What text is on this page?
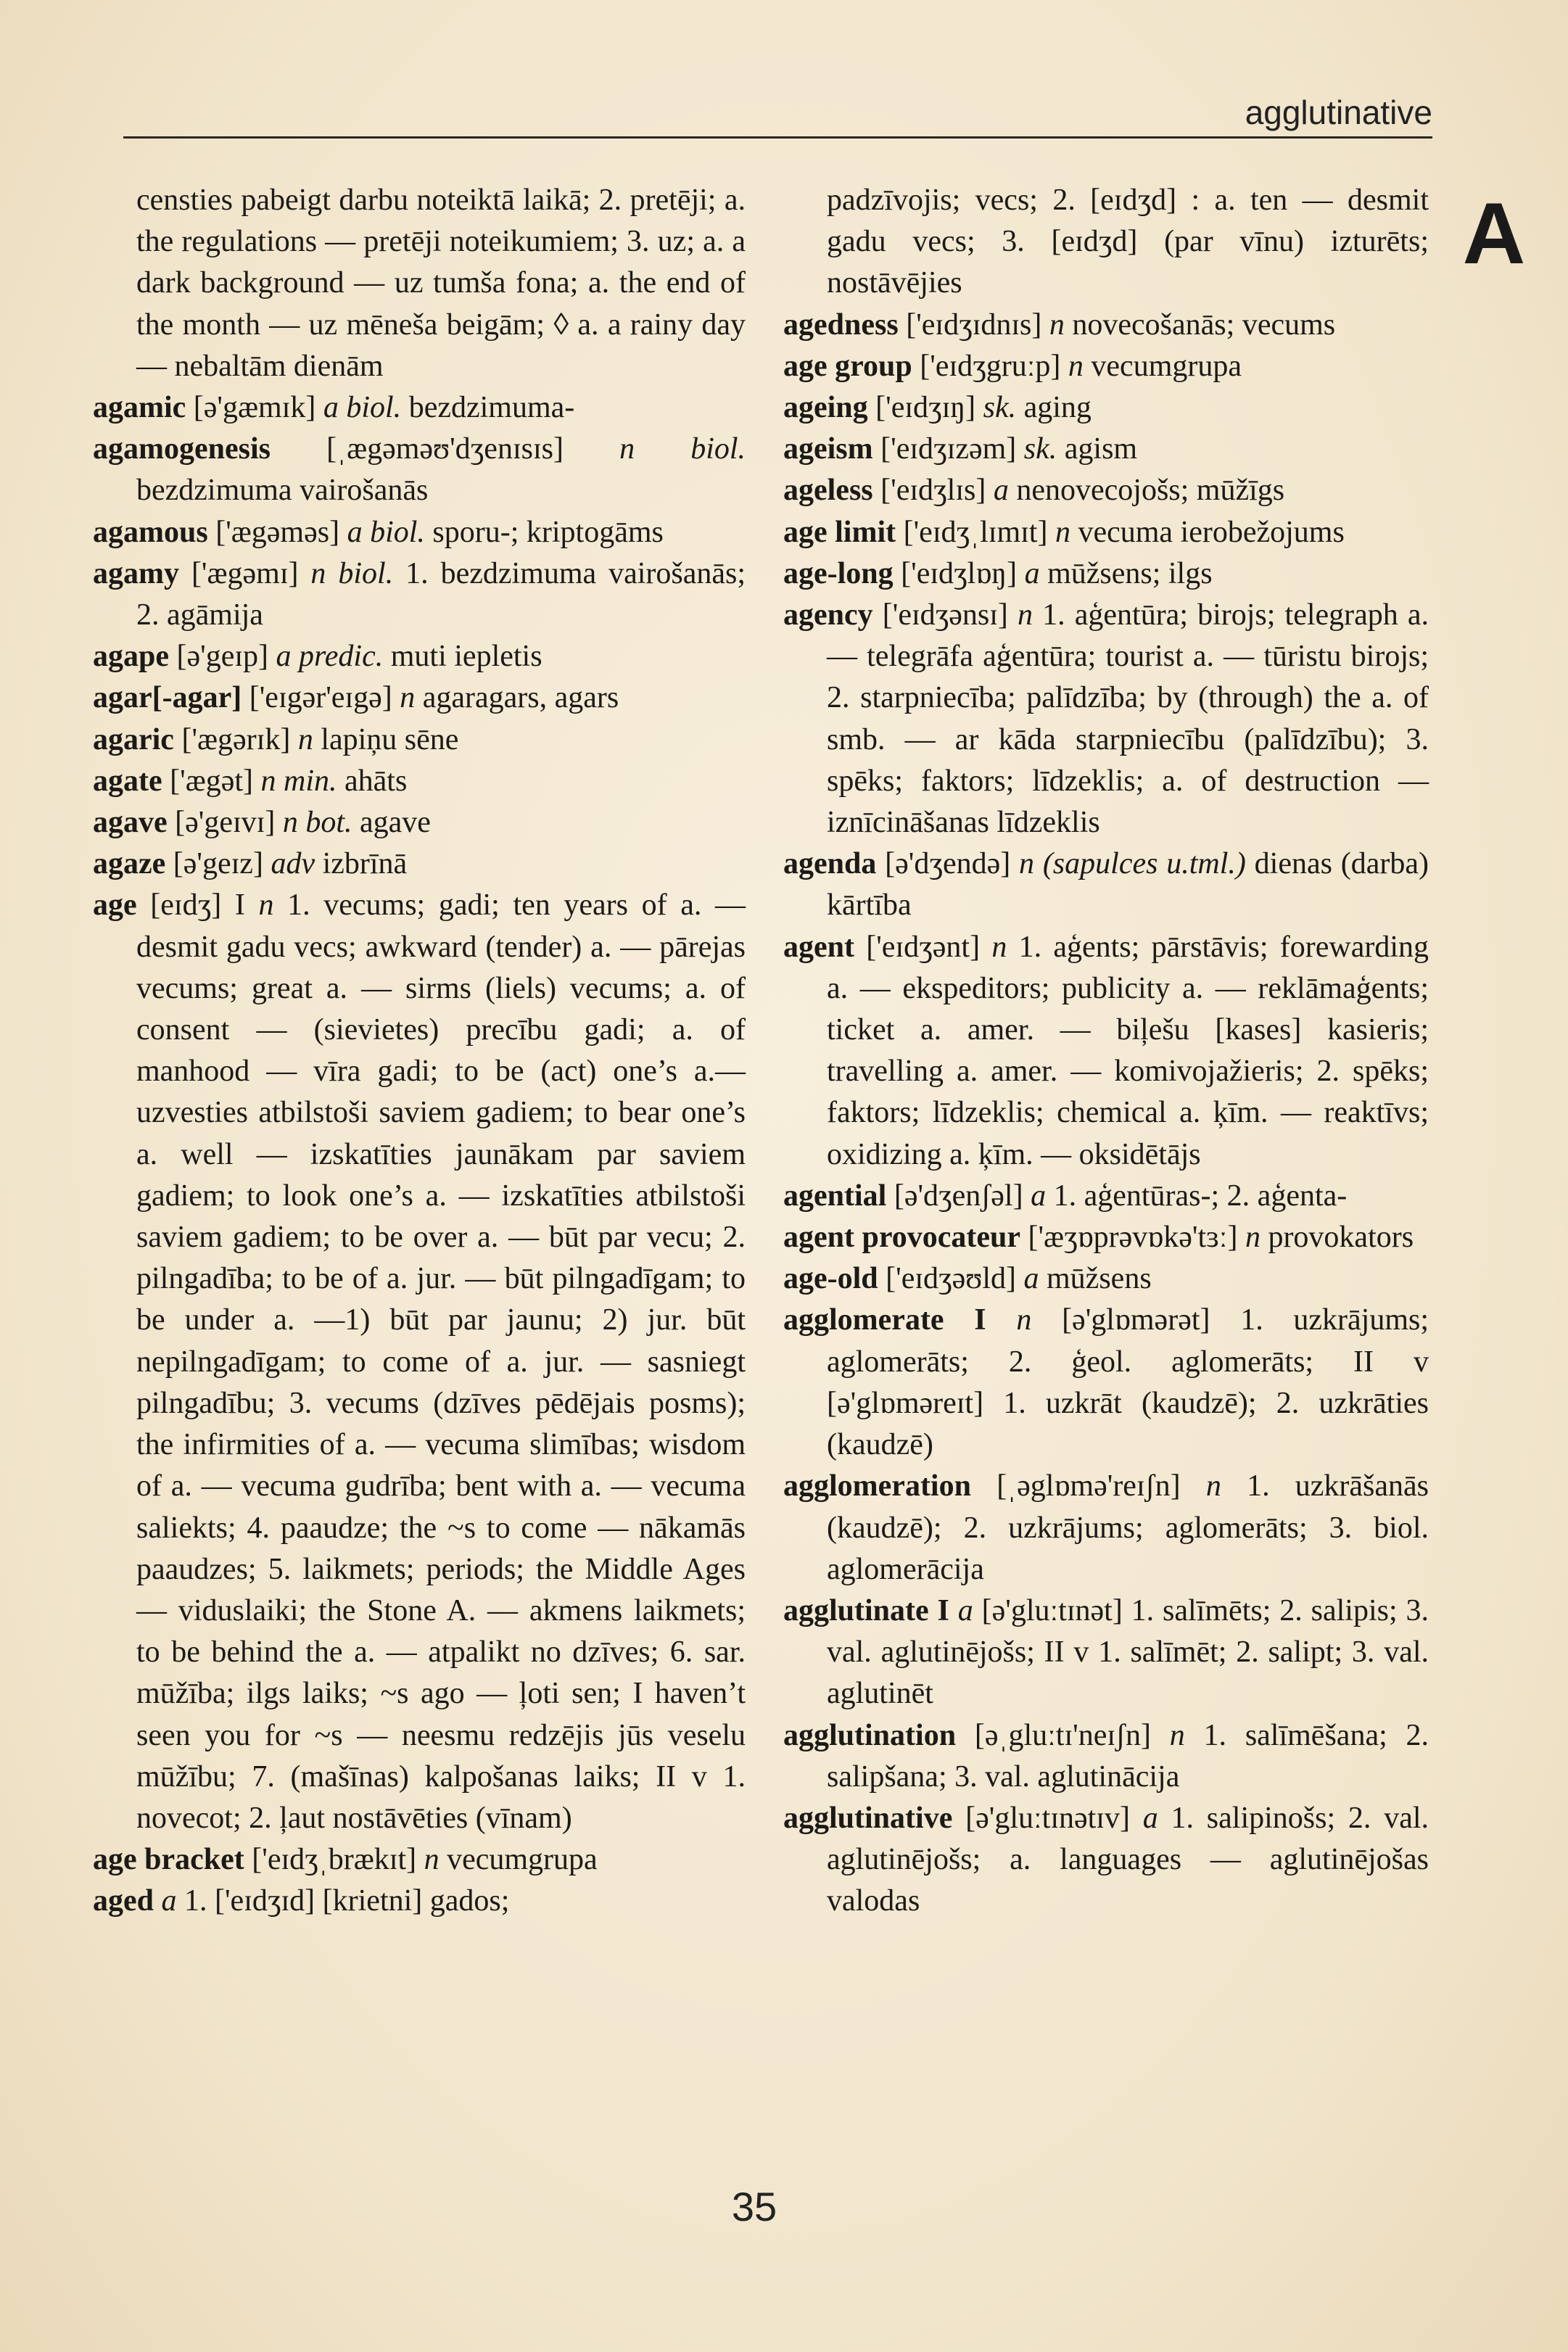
agglutinative
A
censties pabeigt darbu noteiktā laikā; 2. pretēji; a. the regulations — pretēji noteikumiem; 3. uz; a. a dark background — uz tumša fona; a. the end of the month — uz mēneša beigām; ◊ a. a rainy day — nebaltām dienām
agamic [ə'gæmɪk] a biol. bezdzimuma-
agamogenesis [ˌægəməʊ'dʒenɪsɪs] n biol. bezdzimuma vairošanās
agamous ['ægəməs] a biol. sporu-; kriptogāms
agamy ['ægəmɪ] n biol. 1. bezdzimuma vairošanās; 2. agāmija
agape [ə'geɪp] a predic. muti iepletis
agar[-agar] ['eɪgər'eɪgə] n agaragars, agars
agaric ['ægərɪk] n lapiņu sēne
agate ['ægət] n min. ahāts
agave [ə'geɪvɪ] n bot. agave
agaze [ə'geɪz] adv izbrīnā
age [eɪdʒ] I n 1. vecums; gadi; ten years of a. — desmit gadu vecs; awkward (tender) a. — pārejas vecums; great a. — sirms (liels) vecums; a. of consent — (sievietes) precību gadi; a. of manhood — vīra gadi; to be (act) one’s a.— uzvesties atbilstoši saviem gadiem; to bear one’s a. well — izskatīties jaunākam par saviem gadiem; to look one’s a. — izskatīties atbilstoši saviem gadiem; to be over a. — būt par vecu; 2. pilngadība; to be of a. jur. — būt pilngadīgam; to be under a. —1) būt par jaunu; 2) jur. būt nepilngadīgam; to come of a. jur. — sasniegt pilngadību; 3. vecums (dzīves pēdējais posms); the infirmities of a. — vecuma slimības; wisdom of a. — vecuma gudrība; bent with a. — vecuma saliekts; 4. paaudze; the ~s to come — nākamās paaudzes; 5. laikmets; periods; the Middle Ages — viduslaiki; the Stone A. — akmens laikmets; to be behind the a. — atpalikt no dzīves; 6. sar. mūžība; ilgs laiks; ~s ago — ļoti sen; I haven’t seen you for ~s — neesmu redzējis jūs veselu mūžību; 7. (mašīnas) kalpošanas laiks; II v 1. novecot; 2. ļaut nostāvēties (vīnam)
age bracket ['eɪdʒˌbrækɪt] n vecumgrupa
aged a 1. ['eɪdʒɪd] [krietni] gados;
padzīvojis; vecs; 2. [eɪdʒd] : a. ten — desmit gadu vecs; 3. [eɪdʒd] (par vīnu) izturēts; nostāvējies
agedness ['eɪdʒɪdnɪs] n novecošanās; vecums
age group ['eɪdʒgruːp] n vecumgrupa
ageing ['eɪdʒɪŋ] sk. aging
ageism ['eɪdʒɪzəm] sk. agism
ageless ['eɪdʒlɪs] a nenovecojošs; mūžīgs
age limit ['eɪdʒˌlɪmɪt] n vecuma ierobežojums
age-long ['eɪdʒlɒŋ] a mūžsens; ilgs
agency ['eɪdʒənsɪ] n 1. aģentūra; birojs; telegraph a. — telegrāfa aģentūra; tourist a. — tūristu birojs; 2. starpniecība; palīdzība; by (through) the a. of smb. — ar kāda starpniecību (palīdzību); 3. spēks; faktors; līdzeklis; a. of destruction — iznīcināšanas līdzeklis
agenda [ə'dʒendə] n (sapulces u.tml.) dienas (darba) kārtība
agent ['eɪdʒənt] n 1. aģents; pārstāvis; forewarding a. — ekspeditors; publicity a. — reklāmaģents; ticket a. amer. — biļešu [kases] kasieris; travelling a. amer. — komivojažieris; 2. spēks; faktors; līdzeklis; chemical a. ķīm. — reaktīvs; oxidizing a. ķīm. — oksidētājs
agential [ə'dʒenʃəl] a 1. aģentūras-; 2. aģenta-
agent provocateur ['æʒɒprəvɒkə'tɜː] n provokators
age-old ['eɪdʒəʊld] a mūžsens
agglomerate I n [ə'glɒmərət] 1. uzkrājums; aglomerāts; 2. ģeol. aglomerāts; II v [ə'glɒməreɪt] 1. uzkrāt (kaudzē); 2. uzkrāties (kaudzē)
agglomeration [ˌəglɒmə'reɪʃn] n 1. uzkrāšanās (kaudzē); 2. uzkrājums; aglomerāts; 3. biol. aglomerācija
agglutinate I a [ə'gluːtɪnət] 1. salīmēts; 2. salipis; 3. val. aglutinējošs; II v 1. salīmēt; 2. salipt; 3. val. aglutinēt
agglutination [əˌgluːtɪ'neɪʃn] n 1. salīmēšana; 2. salipšana; 3. val. aglutinācija
agglutinative [ə'gluːtɪnətɪv] a 1. salipinošs; 2. val. aglutinējošs; a. languages — aglutinējošas valodas
35
